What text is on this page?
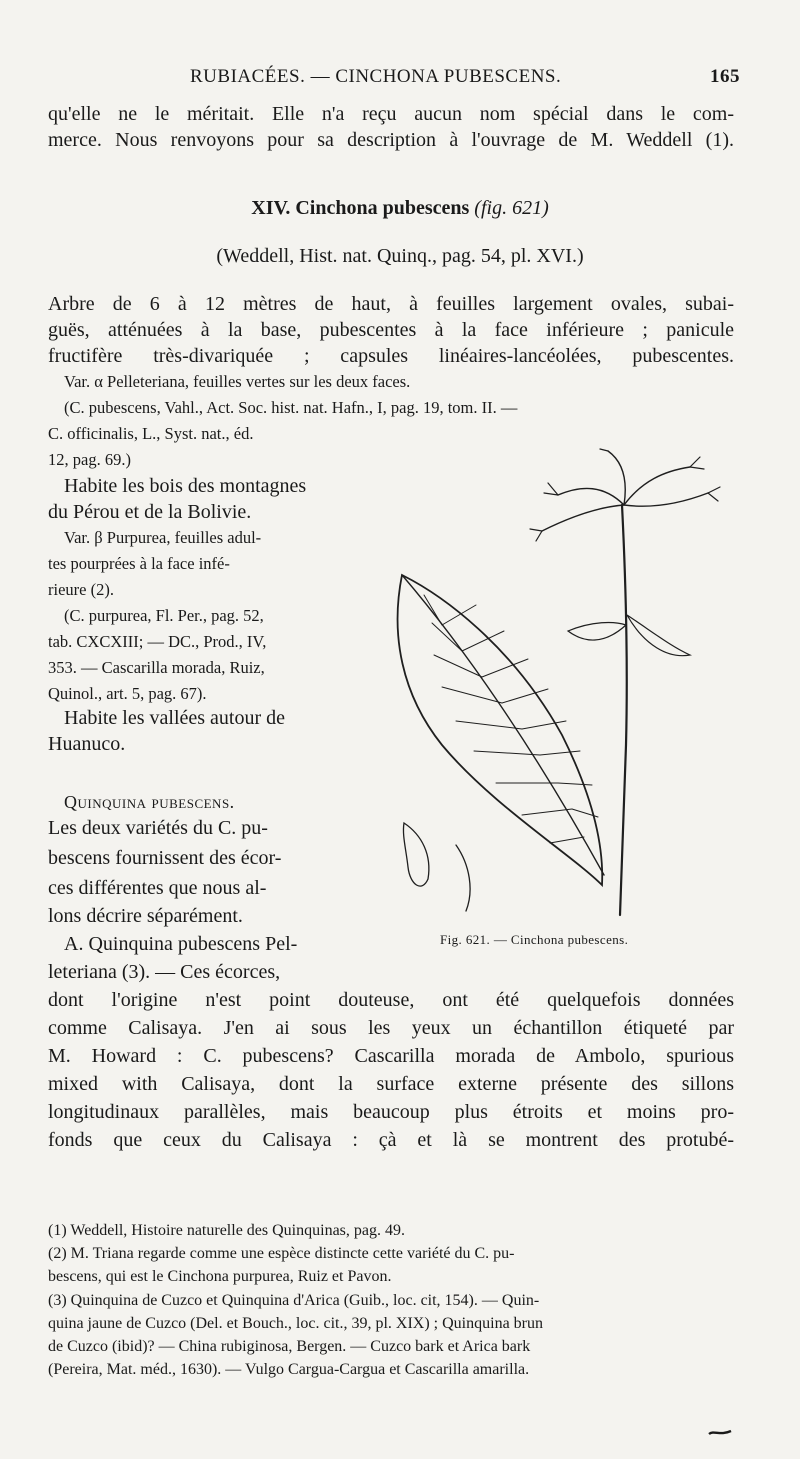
RUBIACÉES. — CINCHONA PUBESCENS.	165
qu'elle ne le méritait. Elle n'a reçu aucun nom spécial dans le com-
merce. Nous renvoyons pour sa description à l'ouvrage de M. Weddell (1).
XIV. Cinchona pubescens (fig. 621)
(Weddell, Hist. nat. Quinq., pag. 54, pl. XVI.)
Arbre de 6 à 12 mètres de haut, à feuilles largement ovales, subai-
guës, atténuées à la base, pubescentes à la face inférieure ; panicule
fructifère très-divariquée ; capsules linéaires-lancéolées, pubescentes.
Var. α Pelleteriana, feuilles vertes sur les deux faces.
(C. pubescens, Vahl., Act. Soc. hist. nat. Hafn., I, pag. 19, tom. II. —
C. officinalis, L., Syst. nat., éd.
12, pag. 69.)
Habite les bois des montagnes
du Pérou et de la Bolivie.
Var. β Purpurea, feuilles adul-
tes pourprées à la face infé-
rieure (2).
(C. purpurea, Fl. Per., pag. 52,
tab. CXCXIII; — DC., Prod., IV,
353. — Cascarilla morada, Ruiz,
Quinol., art. 5, pag. 67).
Habite les vallées autour de
Huanuco.
Quinquina pubescens.
Les deux variétés du C. pu-
bescens fournissent des écor-
ces différentes que nous al-
lons décrire séparément.
A. Quinquina pubescens Pel-
leteriana (3). — Ces écorces,
dont l'origine n'est point douteuse, ont été quelquefois données
comme Calisaya. J'en ai sous les yeux un échantillon étiqueté par
M. Howard : C. pubescens? Cascarilla morada de Ambolo, spurious
mixed with Calisaya, dont la surface externe présente des sillons
longitudinaux parallèles, mais beaucoup plus étroits et moins pro-
fonds que ceux du Calisaya : çà et là se montrent des protubé-
Fig. 621. — Cinchona pubescens.
(1) Weddell, Histoire naturelle des Quinquinas, pag. 49.
(2) M. Triana regarde comme une espèce distincte cette variété du C. pu-
bescens, qui est le Cinchona purpurea, Ruiz et Pavon.
(3) Quinquina de Cuzco et Quinquina d'Arica (Guib., loc. cit, 154). — Quin-
quina jaune de Cuzco (Del. et Bouch., loc. cit., 39, pl. XIX) ; Quinquina brun
de Cuzco (ibid)? — China rubiginosa, Bergen. — Cuzco bark et Arica bark
(Pereira, Mat. méd., 1630). — Vulgo Cargua-Cargua et Cascarilla amarilla.
